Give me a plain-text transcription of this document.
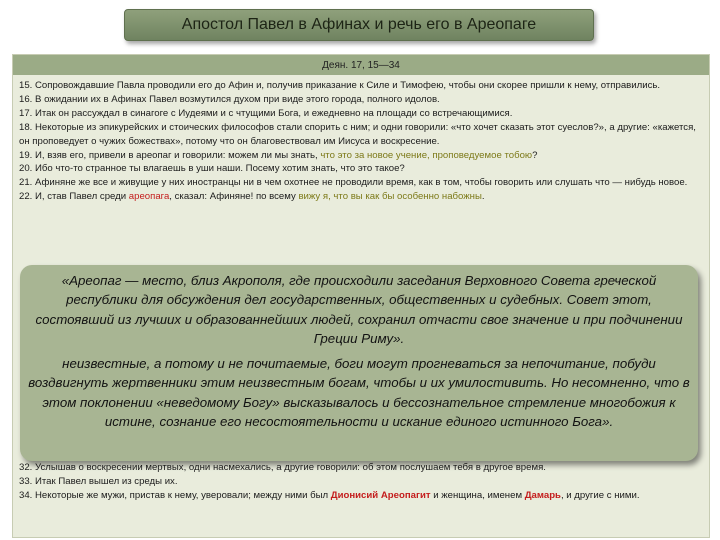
Апостол Павел в Афинах и речь его в Ареопаге
Деян. 17, 15—34

15. Сопровождавшие Павла проводили его до Афин и, получив приказание к Силе и Тимофею, чтобы они скорее пришли к нему, отправились.

16. В ожидании их в Афинах Павел возмутился духом при виде этого города, полного идолов.

17. Итак он рассуждал в синагоге с Иудеями и с чтущими Бога, и ежедневно на площади со встречающимися.

18. Некоторые из эпикурейских и стоических философов стали спорить с ним; и одни говорили: «что хочет сказать этот суеслов?», а другие: «кажется, он проповедует о чужих божествах», потому что он благовествовал им Иисуса и воскресение.

19. И, взяв его, привели в ареопаг и говорили: можем ли мы знать, что это за новое учение, проповедуемое тобою?

20. Ибо что-то странное ты влагаешь в уши наши. Посему хотим знать, что это такое?

21. Афиняне же все и живущие у них иностранцы ни в чем охотнее не проводили время, как в том, чтобы говорить или слушать что — нибудь новое.

22. И, став Павел среди ареопага, сказал: Афиняне! по всему вижу я, что вы как бы особенно набожны.

32. Услышав о воскресении мертвых, одни насмехались, а другие говорили: об этом послушаем тебя в другое время.

33. Итак Павел вышел из среды их.

34. Некоторые же мужи, пристав к нему, уверовали; между ними был Дионисий Ареопагит и женщина, именем Дамарь, и другие с ними.

«Ареопаг — место, близ Акрополя, где происходили заседания Верховного Совета греческой республики для обсуждения дел государственных, общественных и судебных. Совет этот, состоявший из лучших и образованнейших людей, сохранил отчасти свое значение и при подчинении Греции Риму».

неизвестные, а потому и не почитаемые, боги могут прогневаться за непочитание, побуди воздвигнуть жертвенники этим неизвестным богам, чтобы и их умилостивить. Но несомненно, что в этом поклонении «неведомому Богу» высказывалось и бессознательное стремление многобожия к истине, сознание его несостоятельности и искание единого истинного Бога».
